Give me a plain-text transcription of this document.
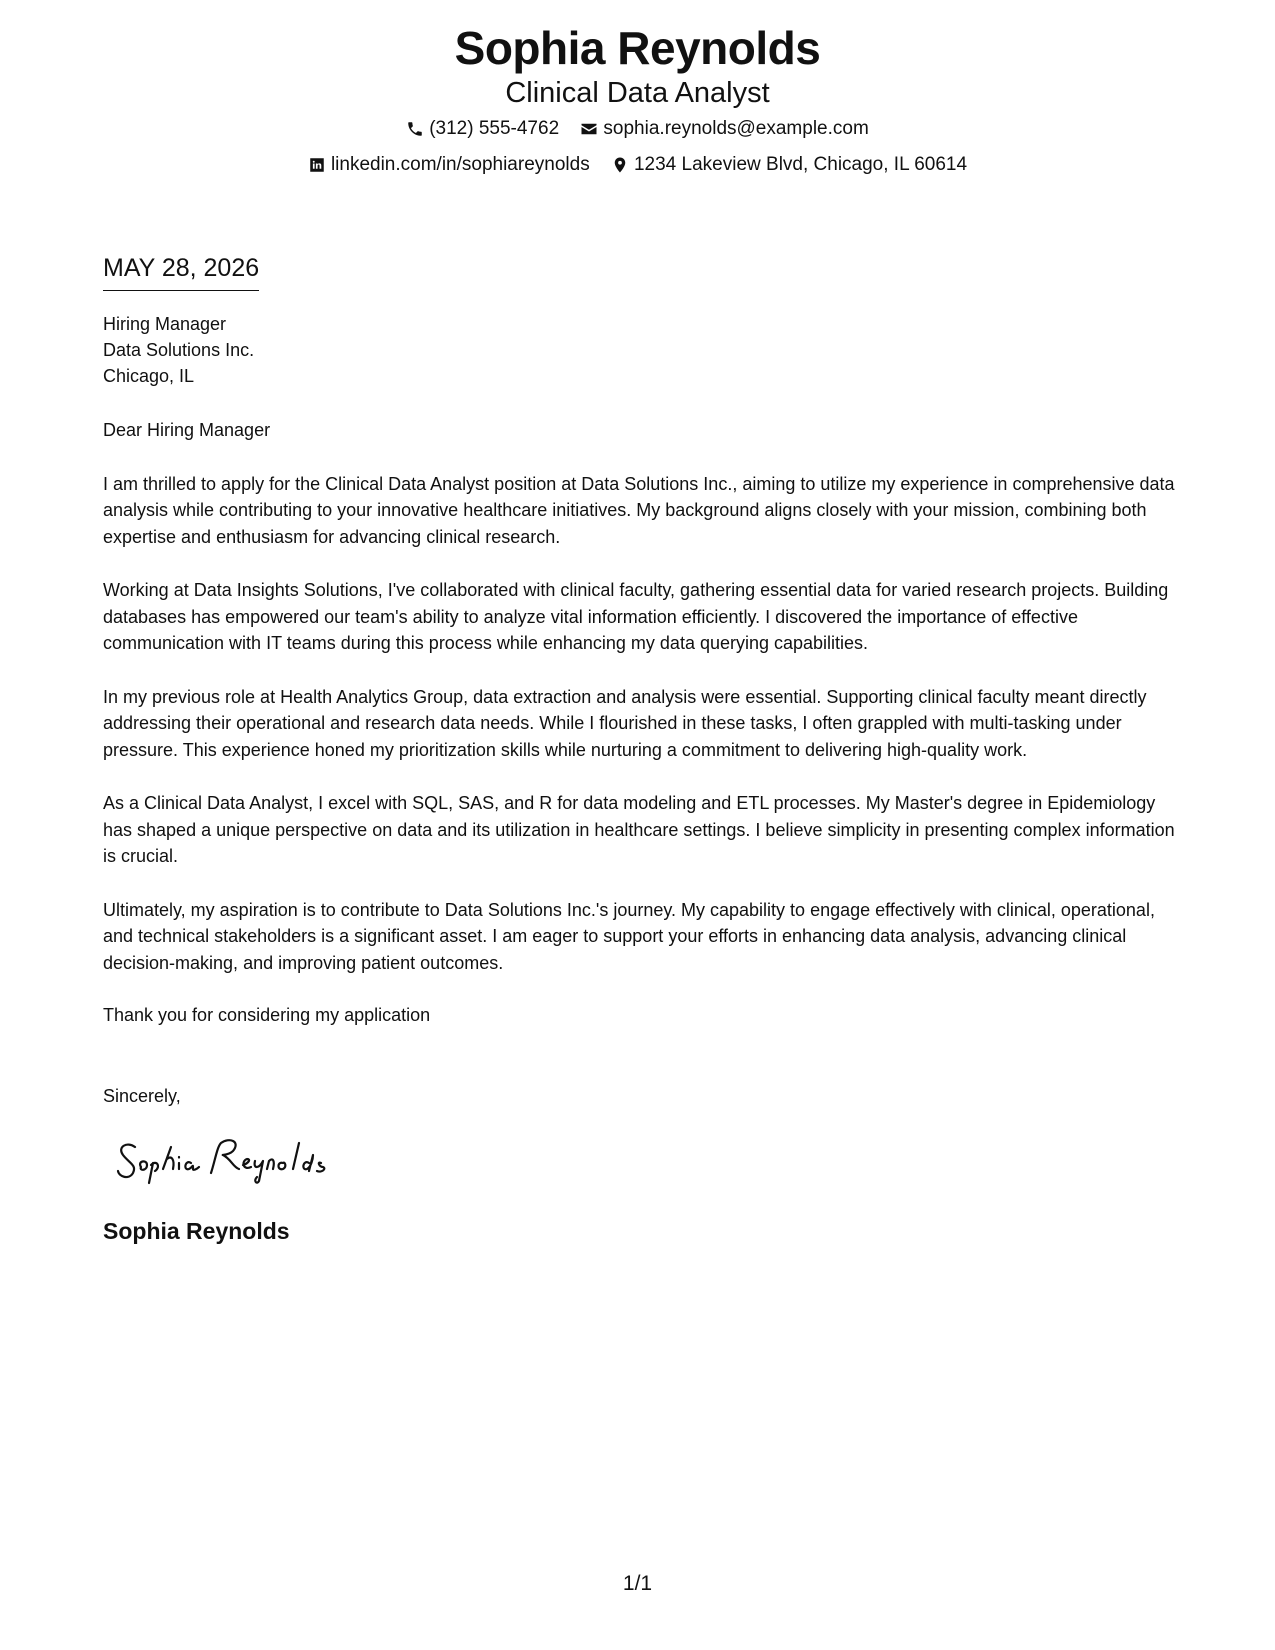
Sophia Reynolds
Clinical Data Analyst
(312) 555-4762
sophia.reynolds@example.com
linkedin.com/in/sophiareynolds
1234 Lakeview Blvd, Chicago, IL 60614
MAY 28, 2026
Hiring Manager
Data Solutions Inc.
Chicago, IL
Dear Hiring Manager

I am thrilled to apply for the Clinical Data Analyst position at Data Solutions Inc., aiming to utilize my experience in comprehensive data analysis while contributing to your innovative healthcare initiatives. My background aligns closely with your mission, combining both expertise and enthusiasm for advancing clinical research.

Working at Data Insights Solutions, I've collaborated with clinical faculty, gathering essential data for varied research projects. Building databases has empowered our team's ability to analyze vital information efficiently. I discovered the importance of effective communication with IT teams during this process while enhancing my data querying capabilities.

In my previous role at Health Analytics Group, data extraction and analysis were essential. Supporting clinical faculty meant directly addressing their operational and research data needs. While I flourished in these tasks, I often grappled with multi-tasking under pressure. This experience honed my prioritization skills while nurturing a commitment to delivering high-quality work.

As a Clinical Data Analyst, I excel with SQL, SAS, and R for data modeling and ETL processes. My Master's degree in Epidemiology has shaped a unique perspective on data and its utilization in healthcare settings. I believe simplicity in presenting complex information is crucial.

Ultimately, my aspiration is to contribute to Data Solutions Inc.'s journey. My capability to engage effectively with clinical, operational, and technical stakeholders is a significant asset. I am eager to support your efforts in enhancing data analysis, advancing clinical decision-making, and improving patient outcomes.

Thank you for considering my application
Sincerely,
Sophia Reynolds
1/1
